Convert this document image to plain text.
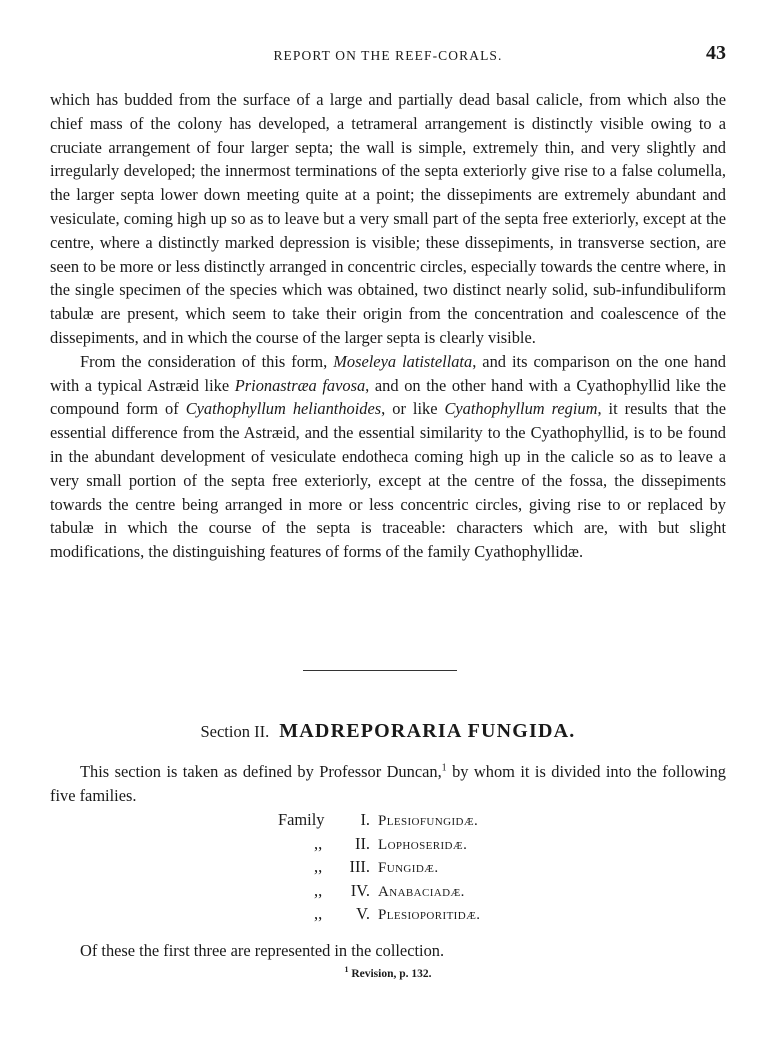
REPORT ON THE REEF-CORALS.	43

which has budded from the surface of a large and partially dead basal calicle, from which also the chief mass of the colony has developed, a tetrameral arrangement is distinctly visible owing to a cruciate arrangement of four larger septa; the wall is simple, extremely thin, and very slightly and irregularly developed; the innermost terminations of the septa exteriorly give rise to a false columella, the larger septa lower down meeting quite at a point; the dissepiments are extremely abundant and vesiculate, coming high up so as to leave but a very small part of the septa free exteriorly, except at the centre, where a distinctly marked depression is visible; these dissepiments, in transverse section, are seen to be more or less distinctly arranged in concentric circles, especially towards the centre where, in the single specimen of the species which was obtained, two distinct nearly solid, sub-infundibuliform tabulæ are present, which seem to take their origin from the concentration and coalescence of the dissepiments, and in which the course of the larger septa is clearly visible.

From the consideration of this form, Moseleya latistellata, and its comparison on the one hand with a typical Astræid like Prionastræa favosa, and on the other hand with a Cyathophyllid like the compound form of Cyathophyllum helianthoides, or like Cyathophyllum regium, it results that the essential difference from the Astræid, and the essential similarity to the Cyathophyllid, is to be found in the abundant development of vesiculate endotheca coming high up in the calicle so as to leave a very small portion of the septa free exteriorly, except at the centre of the fossa, the dissepiments towards the centre being arranged in more or less concentric circles, giving rise to or replaced by tabulæ in which the course of the septa is traceable: characters which are, with but slight modifications, the distinguishing features of forms of the family Cyathophyllidæ.

Section II. MADREPORARIA FUNGIDA.

This section is taken as defined by Professor Duncan,$^1$ by whom it is divided into the following five families.

Family I. Plesiofungidæ.
,, II. Lophoseridæ.
,, III. Fungidæ.
,, IV. Anabaciadæ.
,, V. Plesioporitidæ.
Of these the first three are represented in the collection.
$^1$ Revision, p. 132.
